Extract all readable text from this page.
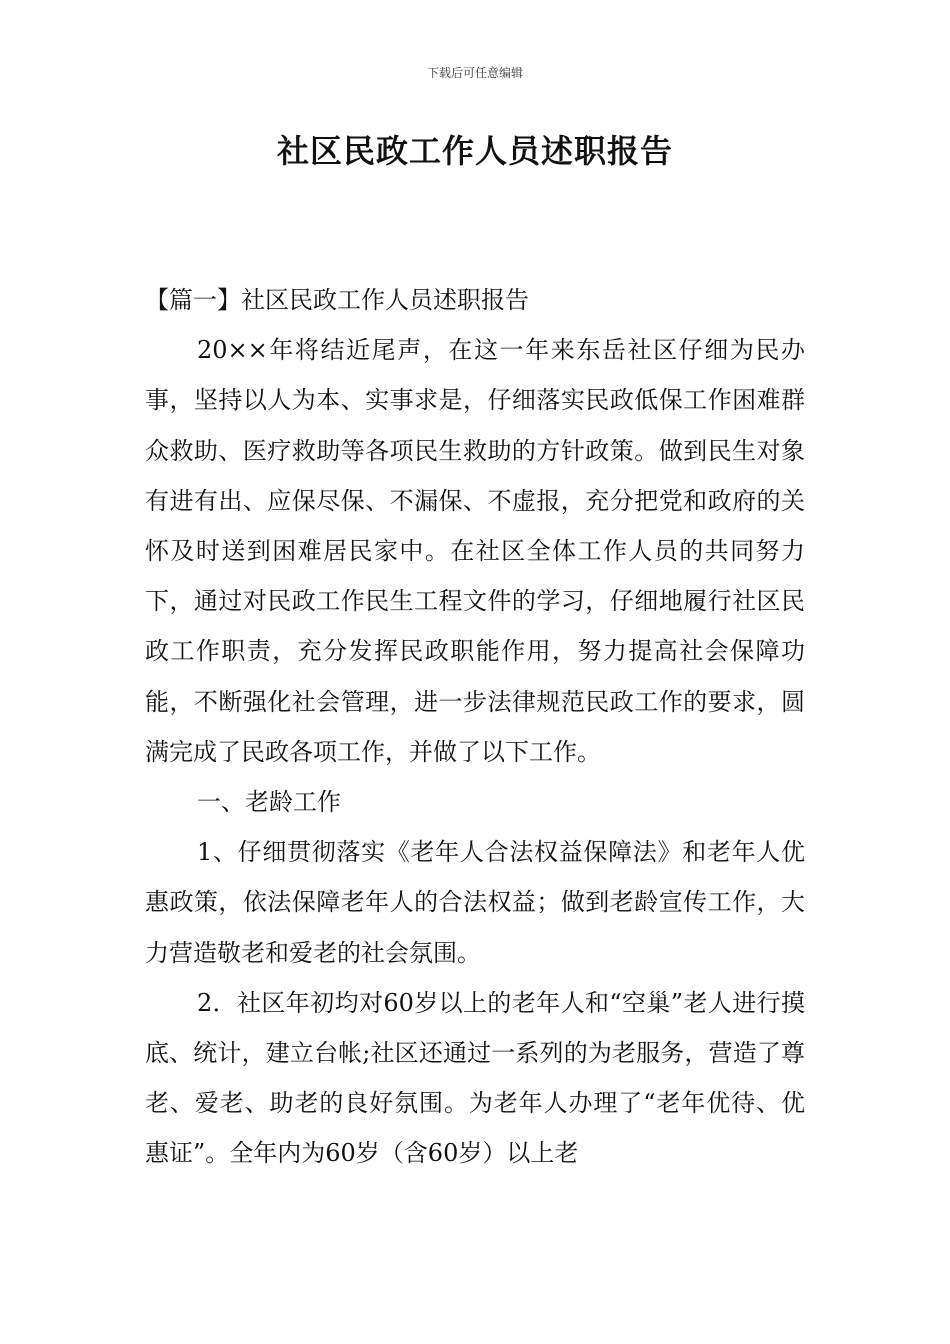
下载后可任意编辑
社区民政工作人员述职报告

【篇一】社区民政工作人员述职报告

20××年将结近尾声，在这一年来东岳社区仔细为民办事，坚持以人为本、实事求是，仔细落实民政低保工作困难群众救助、医疗救助等各项民生救助的方针政策。做到民生对象有进有出、应保尽保、不漏保、不虚报，充分把党和政府的关怀及时送到困难居民家中。在社区全体工作人员的共同努力下，通过对民政工作民生工程文件的学习，仔细地履行社区民政工作职责，充分发挥民政职能作用，努力提高社会保障功能，不断强化社会管理，进一步法律规范民政工作的要求，圆满完成了民政各项工作，并做了以下工作。

一、老龄工作

1、仔细贯彻落实《老年人合法权益保障法》和老年人优惠政策，依法保障老年人的合法权益；做到老龄宣传工作，大力营造敬老和爱老的社会氛围。

2．社区年初均对60岁以上的老年人和“空巢”老人进行摸底、统计，建立台帐;社区还通过一系列的为老服务，营造了尊老、爱老、助老的良好氛围。为老年人办理了“老年优待、优惠证”。全年内为60岁（含60岁）以上老
